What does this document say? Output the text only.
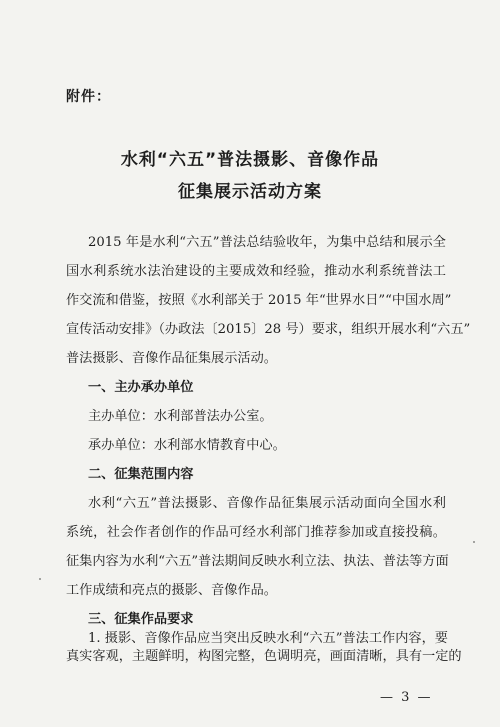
附件：
水利“六五”普法摄影、音像作品
征集展示活动方案
2015 年是水利“六五”普法总结验收年，为集中总结和展示全
国水利系统水法治建设的主要成效和经验，推动水利系统普法工
作交流和借鉴，按照《水利部关于 2015 年“世界水日”“中国水周”
宣传活动安排》（办政法〔2015〕28 号）要求，组织开展水利“六五”
普法摄影、音像作品征集展示活动。
一、主办承办单位
主办单位：水利部普法办公室。
承办单位：水利部水情教育中心。
二、征集范围内容
水利“六五”普法摄影、音像作品征集展示活动面向全国水利
系统，社会作者创作的作品可经水利部门推荐参加或直接投稿。
征集内容为水利“六五”普法期间反映水利立法、执法、普法等方面
工作成绩和亮点的摄影、音像作品。
三、征集作品要求
1. 摄影、音像作品应当突出反映水利“六五”普法工作内容，要
真实客观，主题鲜明，构图完整，色调明亮，画面清晰，具有一定的
— 3 —
